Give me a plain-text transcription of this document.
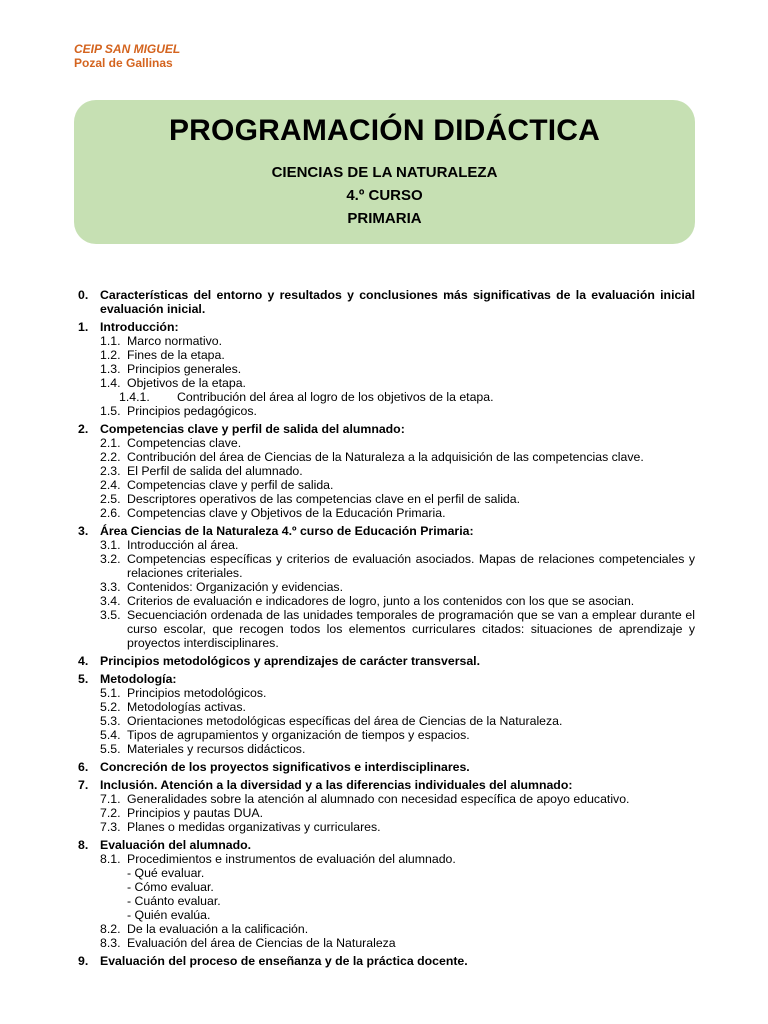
CEIP SAN MIGUEL
Pozal de Gallinas
PROGRAMACIÓN DIDÁCTICA
CIENCIAS DE LA NATURALEZA
4.º CURSO
PRIMARIA
0. Características del entorno y resultados y conclusiones más significativas de la evaluación inicial evaluación inicial.
1. Introducción:
1.1. Marco normativo.
1.2. Fines de la etapa.
1.3. Principios generales.
1.4. Objetivos de la etapa.
1.4.1. Contribución del área al logro de los objetivos de la etapa.
1.5. Principios pedagógicos.
2. Competencias clave y perfil de salida del alumnado:
2.1. Competencias clave.
2.2. Contribución del área de Ciencias de la Naturaleza a la adquisición de las competencias clave.
2.3. El Perfil de salida del alumnado.
2.4. Competencias clave y perfil de salida.
2.5. Descriptores operativos de las competencias clave en el perfil de salida.
2.6. Competencias clave y Objetivos de la Educación Primaria.
3. Área Ciencias de la Naturaleza 4.º curso de Educación Primaria:
3.1. Introducción al área.
3.2. Competencias específicas y criterios de evaluación asociados. Mapas de relaciones competenciales y relaciones criteriales.
3.3. Contenidos: Organización y evidencias.
3.4. Criterios de evaluación e indicadores de logro, junto a los contenidos con los que se asocian.
3.5. Secuenciación ordenada de las unidades temporales de programación que se van a emplear durante el curso escolar, que recogen todos los elementos curriculares citados: situaciones de aprendizaje y proyectos interdisciplinares.
4. Principios metodológicos y aprendizajes de carácter transversal.
5. Metodología:
5.1. Principios metodológicos.
5.2. Metodologías activas.
5.3. Orientaciones metodológicas específicas del área de Ciencias de la Naturaleza.
5.4. Tipos de agrupamientos y organización de tiempos y espacios.
5.5. Materiales y recursos didácticos.
6. Concreción de los proyectos significativos e interdisciplinares.
7. Inclusión. Atención a la diversidad y a las diferencias individuales del alumnado:
7.1. Generalidades sobre la atención al alumnado con necesidad específica de apoyo educativo.
7.2. Principios y pautas DUA.
7.3. Planes o medidas organizativas y curriculares.
8. Evaluación del alumnado.
8.1. Procedimientos e instrumentos de evaluación del alumnado.
- Qué evaluar.
- Cómo evaluar.
- Cuánto evaluar.
- Quién evalúa.
8.2. De la evaluación a la calificación.
8.3. Evaluación del área de Ciencias de la Naturaleza
9. Evaluación del proceso de enseñanza y de la práctica docente.
